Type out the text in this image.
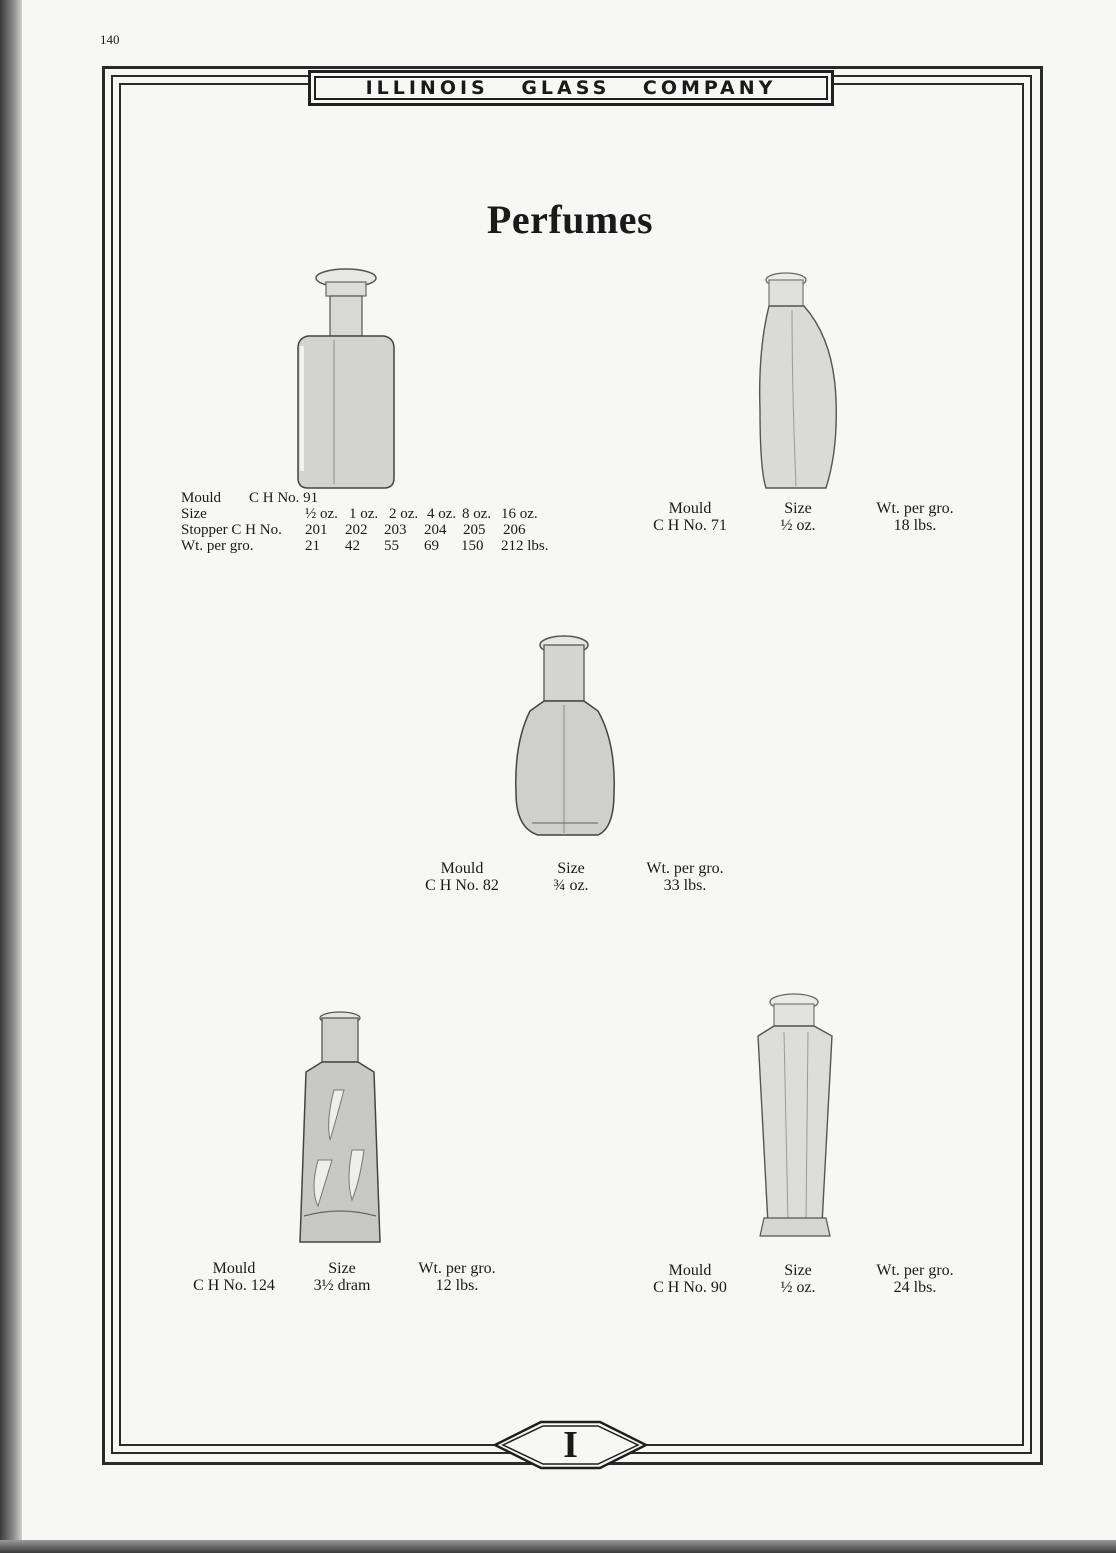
140
ILLINOIS GLASS COMPANY
Perfumes
Mould C H No. 91
Size	½ oz. 1 oz. 2 oz. 4 oz. 8 oz. 16 oz.
Stopper C H No. 201 202 203 204 205 206
Wt. per gro.	21 42 55 69 150 212 lbs.
Mould
C H No. 71
Size
½ oz.
Wt. per gro.
18 lbs.
Mould
C H No. 82
Size
¾ oz.
Wt. per gro.
33 lbs.
Mould
C H No. 124
Size
3½ dram
Wt. per gro.
12 lbs.
Mould
C H No. 90
Size
½ oz.
Wt. per gro.
24 lbs.
I
